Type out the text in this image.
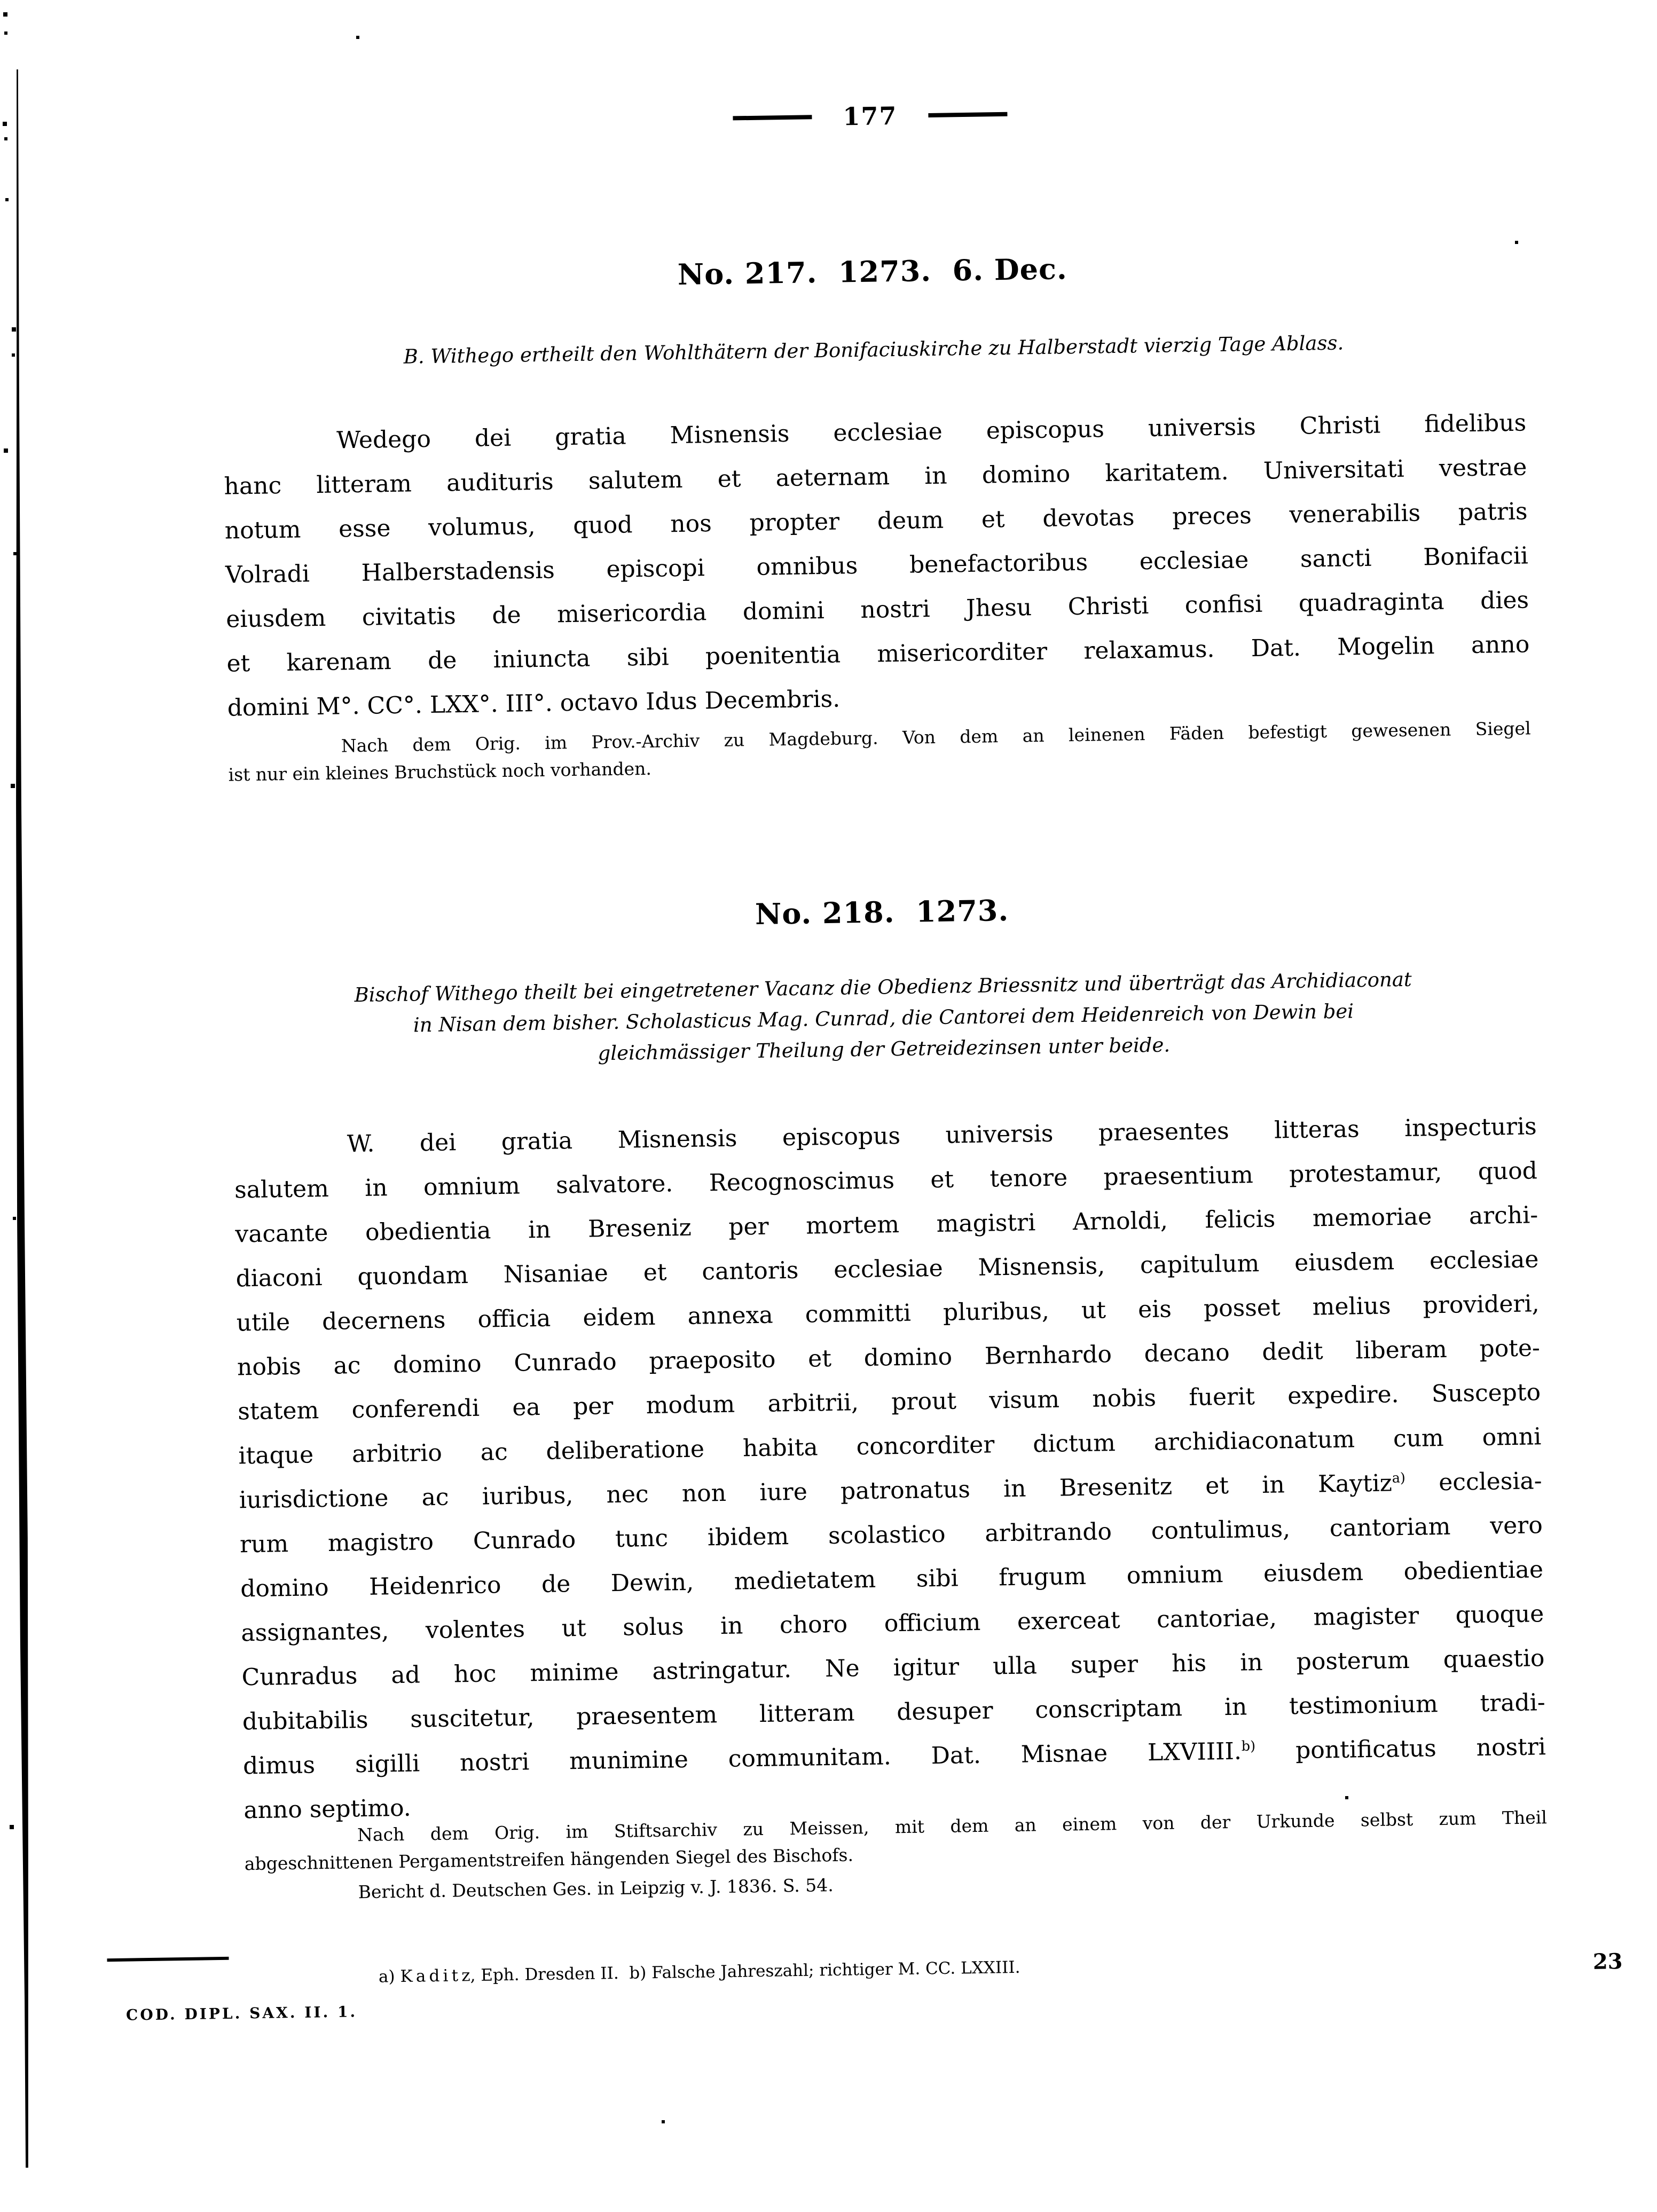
177
No. 217.  1273.  6. Dec.
B. Withego ertheilt den Wohlthätern der Bonifaciuskirche zu Halberstadt vierzig Tage Ablass.
Wedego dei gratia Misnensis ecclesiae episcopus universis Christi fidelibus
hanc litteram audituris salutem et aeternam in domino karitatem. Universitati vestrae
notum esse volumus, quod nos propter deum et devotas preces venerabilis patris
Volradi Halberstadensis episcopi omnibus benefactoribus ecclesiae sancti Bonifacii
eiusdem civitatis de misericordia domini nostri Jhesu Christi confisi quadraginta dies
et karenam de iniuncta sibi poenitentia misericorditer relaxamus. Dat. Mogelin anno
domini M°. CC°. LXX°. III°. octavo Idus Decembris.
Nach dem Orig. im Prov.-Archiv zu Magdeburg. Von dem an leinenen Fäden befestigt gewesenen Siegel
ist nur ein kleines Bruchstück noch vorhanden.
No. 218.  1273.
Bischof Withego theilt bei eingetretener Vacanz die Obedienz Briessnitz und überträgt das Archidiaconat
in Nisan dem bisher. Scholasticus Mag. Cunrad, die Cantorei dem Heidenreich von Dewin bei
gleichmässiger Theilung der Getreidezinsen unter beide.
W. dei gratia Misnensis episcopus universis praesentes litteras inspecturis
salutem in omnium salvatore. Recognoscimus et tenore praesentium protestamur, quod
vacante obedientia in Breseniz per mortem magistri Arnoldi, felicis memoriae archi-
diaconi quondam Nisaniae et cantoris ecclesiae Misnensis, capitulum eiusdem ecclesiae
utile decernens officia eidem annexa committi pluribus, ut eis posset melius provideri,
nobis ac domino Cunrado praeposito et domino Bernhardo decano dedit liberam pote-
statem conferendi ea per modum arbitrii, prout visum nobis fuerit expedire. Suscepto
itaque arbitrio ac deliberatione habita concorditer dictum archidiaconatum cum omni
iurisdictione ac iuribus, nec non iure patronatus in Bresenitz et in Kaytiz$^{a)}$ ecclesia-
rum magistro Cunrado tunc ibidem scolastico arbitrando contulimus, cantoriam vero
domino Heidenrico de Dewin, medietatem sibi frugum omnium eiusdem obedientiae
assignantes, volentes ut solus in choro officium exerceat cantoriae, magister quoque
Cunradus ad hoc minime astringatur. Ne igitur ulla super his in posterum quaestio
dubitabilis suscitetur, praesentem litteram desuper conscriptam in testimonium tradi-
dimus sigilli nostri munimine communitam. Dat. Misnae LXVIIII.$^{b)}$ pontificatus nostri
anno septimo.
Nach dem Orig. im Stiftsarchiv zu Meissen, mit dem an einem von der Urkunde selbst zum Theil
abgeschnittenen Pergamentstreifen hängenden Siegel des Bischofs.
Bericht d. Deutschen Ges. in Leipzig v. J. 1836. S. 54.
a) K a d i t z, Eph. Dresden II.  b) Falsche Jahreszahl; richtiger M. CC. LXXIII.
COD. DIPL. SAX. II. 1.
23
